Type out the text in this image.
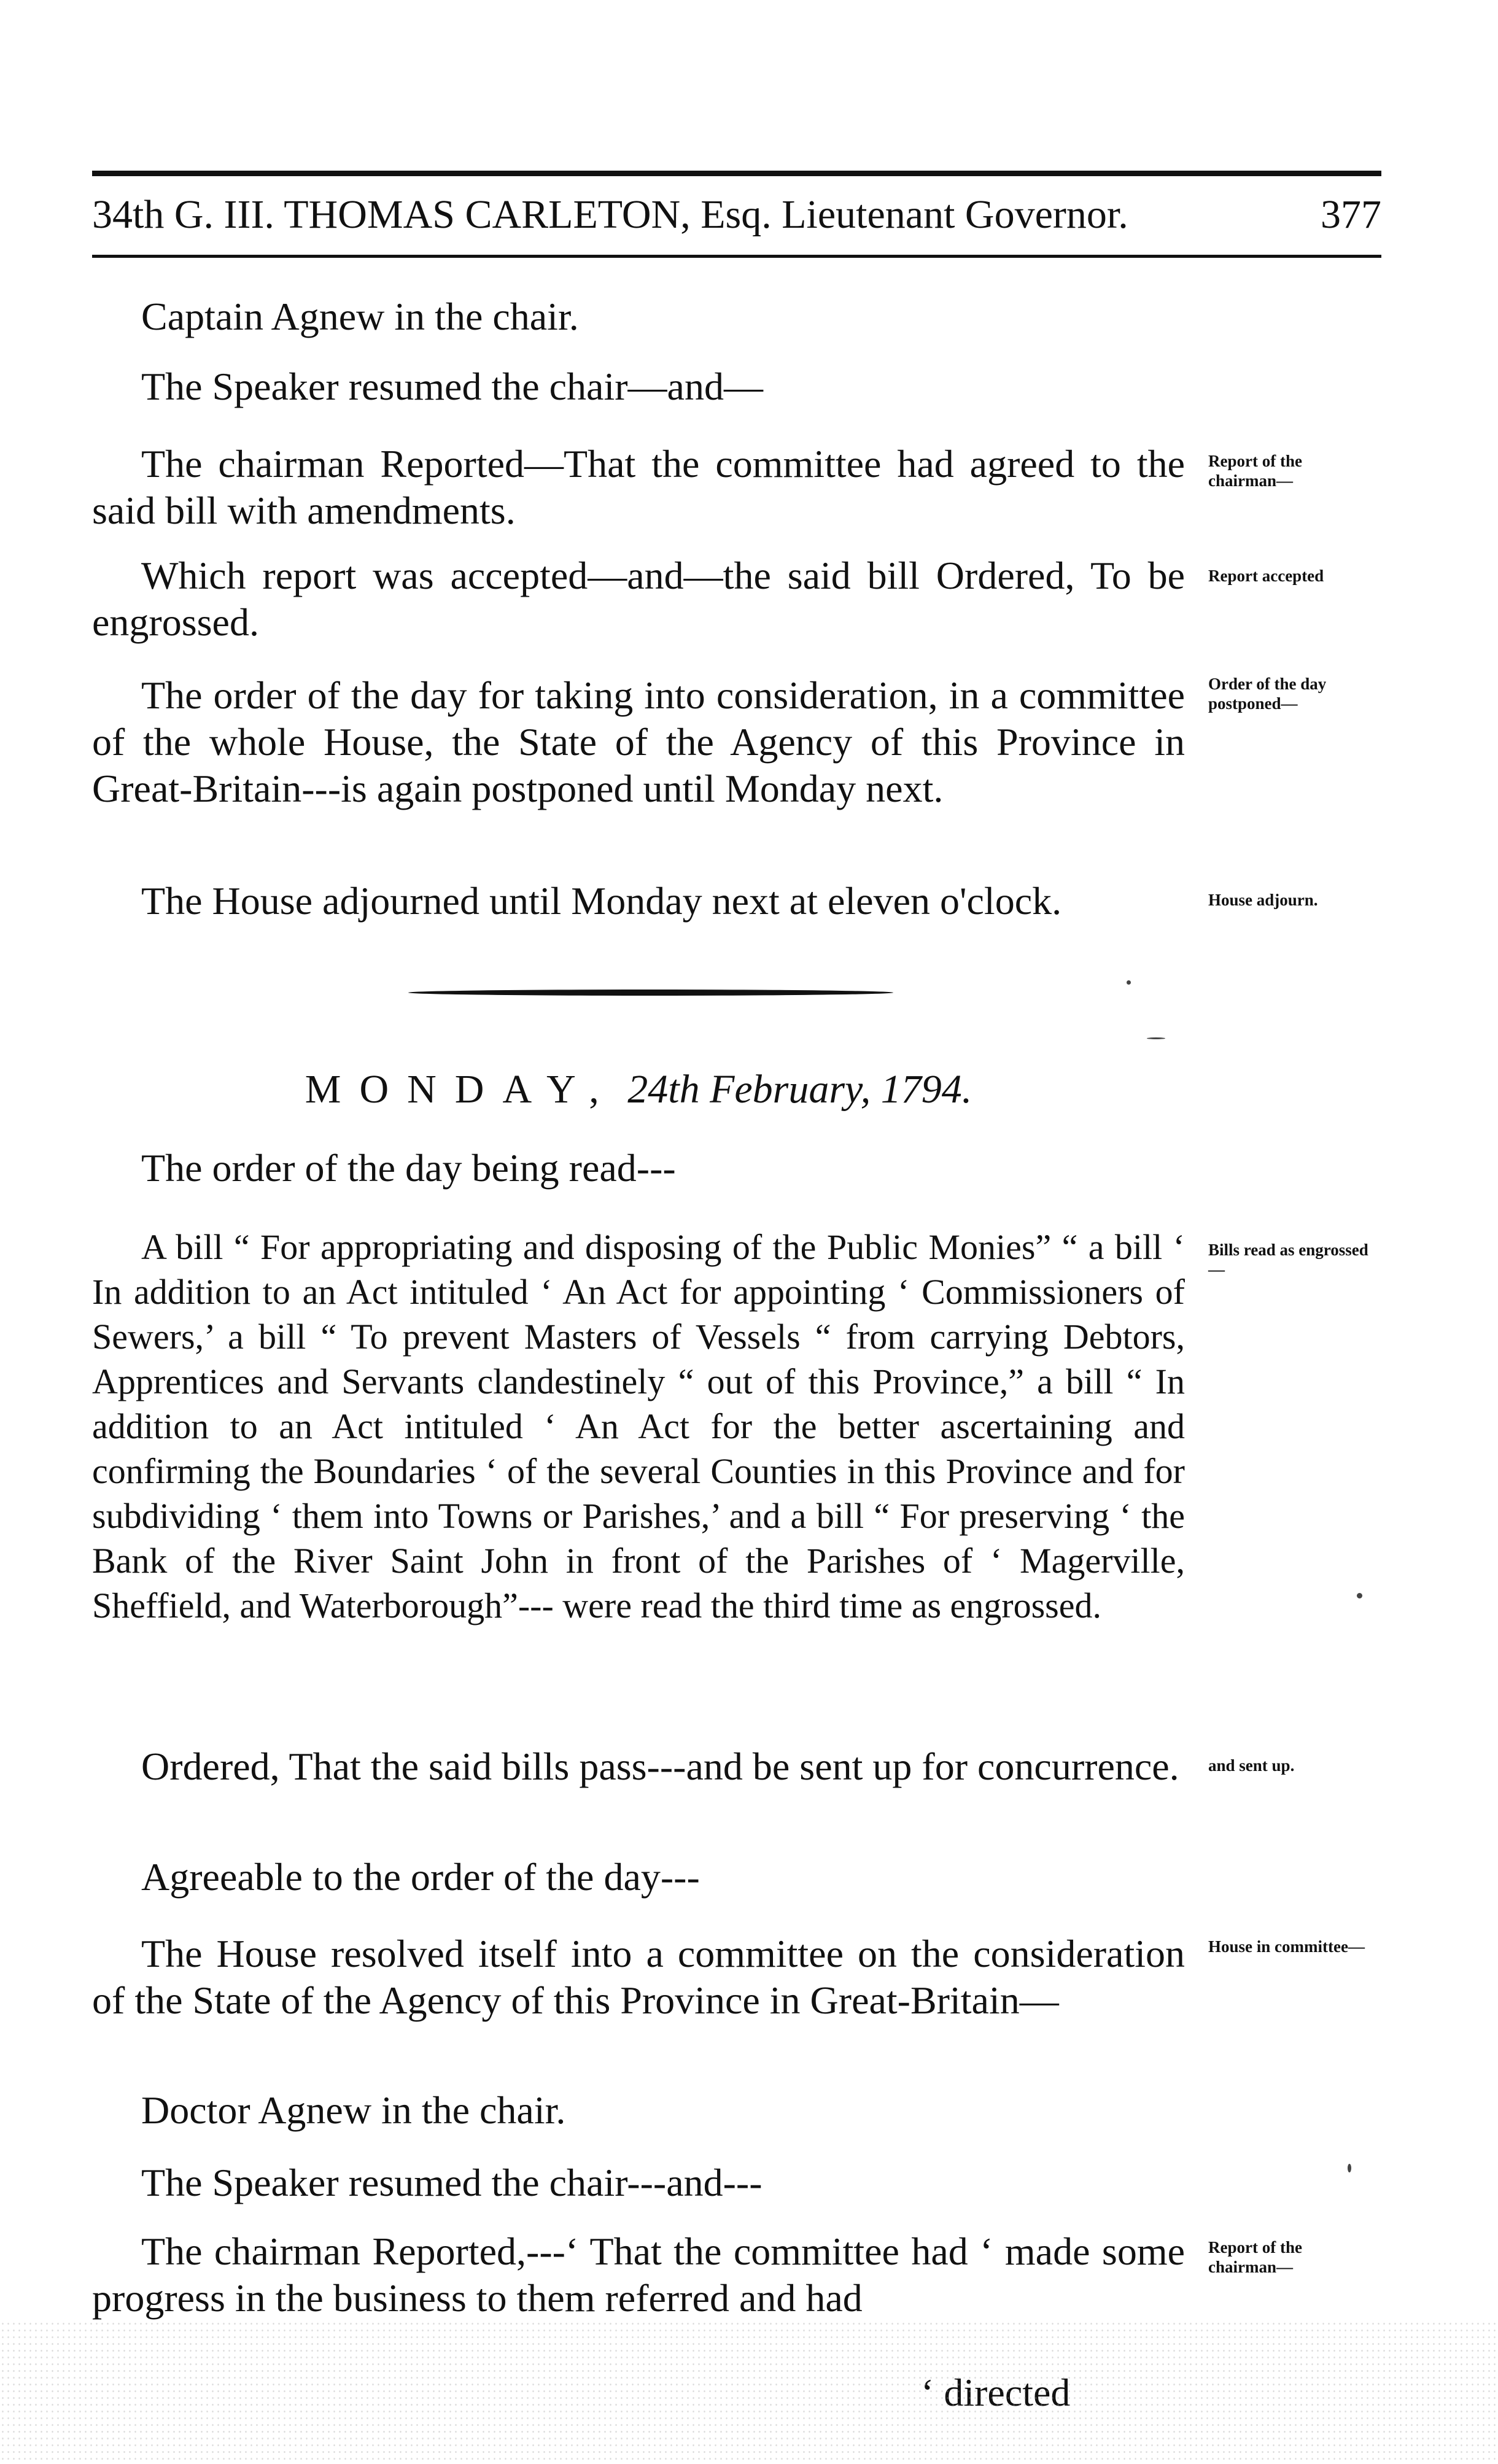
34th G. III. THOMAS CARLETON, Esq. Lieutenant Governor.	377
Captain Agnew in the chair.
The Speaker resumed the chair—and—
The chairman Reported—That the committee had agreed to the said bill with amendments.
Which report was accepted—and—the said bill Ordered, To be engrossed.
The order of the day for taking into consideration, in a committee of the whole House, the State of the Agency of this Province in Great-Britain---is again postponed until Monday next.
The House adjourned until Monday next at eleven o'clock.
Report of the chairman—
Report accepted
Order of the day postponed—
House adjourn.
MONDAY, 24th February, 1794.
The order of the day being read---
A bill “ For appropriating and disposing of the Public Monies” “ a bill ‘ In addition to an Act intituled ‘ An Act for appointing ‘ Commissioners of Sewers,’ a bill “ To prevent Masters of Vessels “ from carrying Debtors, Apprentices and Servants clandestinely “ out of this Province,” a bill “ In addition to an Act intituled ‘ An Act for the better ascertaining and confirming the Boundaries ‘ of the several Counties in this Province and for subdividing ‘ them into Towns or Parishes,’ and a bill “ For preserving ‘ the Bank of the River Saint John in front of the Parishes of ‘ Magerville, Sheffield, and Waterborough”--- were read the third time as engrossed.
Ordered, That the said bills pass---and be sent up for concurrence.
Agreeable to the order of the day---
The House resolved itself into a committee on the consideration of the State of the Agency of this Province in Great-Britain—
Doctor Agnew in the chair.
The Speaker resumed the chair---and---
The chairman Reported,---‘ That the committee had ‘ made some progress in the business to them referred and had
Bills read as engrossed—
and sent up.
House in committee—
Report of the chairman—
‘ directed
